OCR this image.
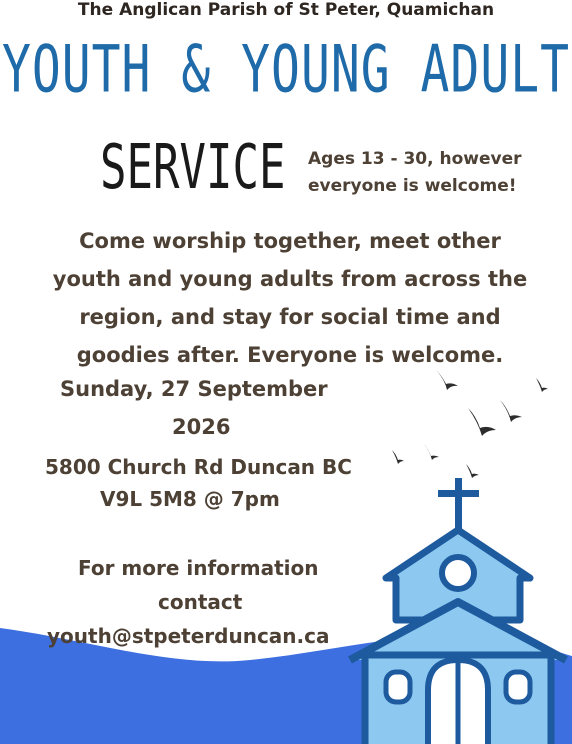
The Anglican Parish of St Peter, Quamichan
YOUTH & YOUNG ADULT
SERVICE Ages 13 - 30, however
everyone is welcome!
Come worship together, meet other
youth and young adults from across the
region, and stay for social time and
goodies after. Everyone is welcome.
Sunday, 27 September
2026
5800 Church Rd Duncan BC
V9L 5M8 @ 7pm
For more information
contact
youth@stpeterduncan.ca
